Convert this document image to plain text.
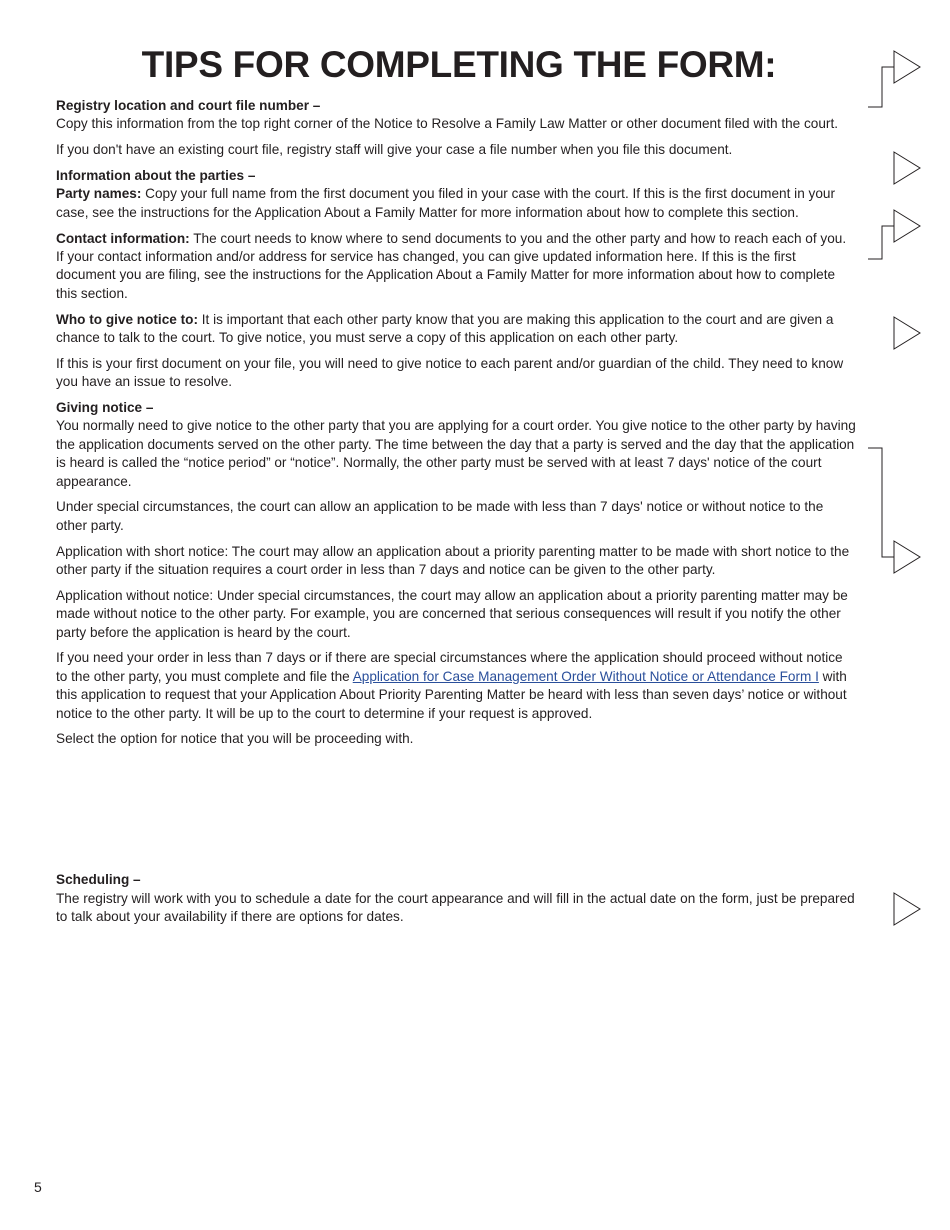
TIPS FOR COMPLETING THE FORM:

Registry location and court file number –

Copy this information from the top right corner of the Notice to Resolve a Family Law Matter or other document filed with the court.

If you don't have an existing court file, registry staff will give your case a file number when you file this document.

Information about the parties –

Party names: Copy your full name from the first document you filed in your case with the court. If this is the first document in your case, see the instructions for the Application About a Family Matter for more information about how to complete this section.

Contact information: The court needs to know where to send documents to you and the other party and how to reach each of you. If your contact information and/or address for service has changed, you can give updated information here. If this is the first document you are filing, see the instructions for the Application About a Family Matter for more information about how to complete this section.

Who to give notice to: It is important that each other party know that you are making this application to the court and are given a chance to talk to the court. To give notice, you must serve a copy of this application on each other party.

If this is your first document on your file, you will need to give notice to each parent and/or guardian of the child. They need to know you have an issue to resolve.

Giving notice –

You normally need to give notice to the other party that you are applying for a court order. You give notice to the other party by having the application documents served on the other party. The time between the day that a party is served and the day that the application is heard is called the “notice period” or “notice”. Normally, the other party must be served with at least 7 days' notice of the court appearance.

Under special circumstances, the court can allow an application to be made with less than 7 days' notice or without notice to the other party.

Application with short notice: The court may allow an application about a priority parenting matter to be made with short notice to the other party if the situation requires a court order in less than 7 days and notice can be given to the other party.

Application without notice: Under special circumstances, the court may allow an application about a priority parenting matter may be made without notice to the other party. For example, you are concerned that serious consequences will result if you notify the other party before the application is heard by the court.

If you need your order in less than 7 days or if there are special circumstances where the application should proceed without notice to the other party, you must complete and file the Application for Case Management Order Without Notice or Attendance Form I with this application to request that your Application About Priority Parenting Matter be heard with less than seven days’ notice or without notice to the other party. It will be up to the court to determine if your request is approved.

Select the option for notice that you will be proceeding with.

Scheduling –

The registry will work with you to schedule a date for the court appearance and will fill in the actual date on the form, just be prepared to talk about your availability if there are options for dates.

5
